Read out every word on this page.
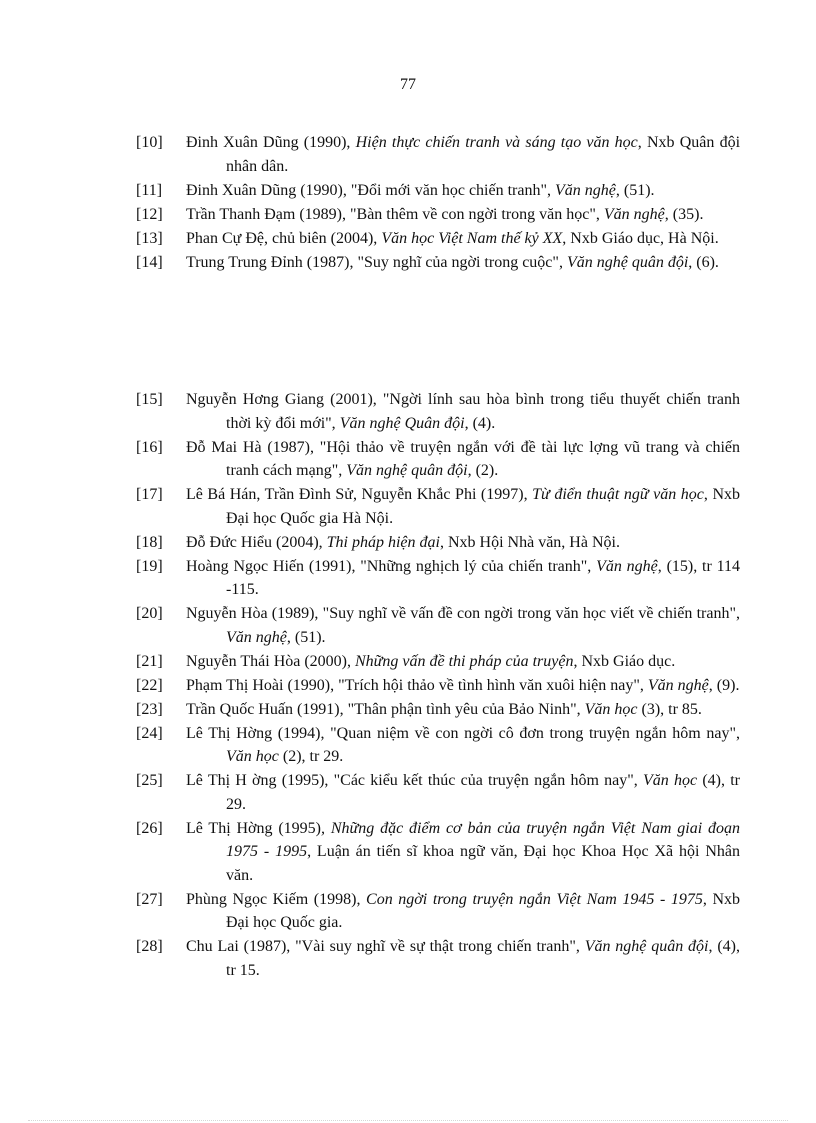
77
[10]	Đinh Xuân Dũng (1990), Hiện thực chiến tranh và sáng tạo văn học, Nxb Quân đội nhân dân.
[11]	Đinh Xuân Dũng (1990), "Đổi mới văn học chiến tranh", Văn nghệ, (51).
[12]	Trần Thanh Đạm (1989), "Bàn thêm về con ngời trong văn học", Văn nghệ, (35).
[13]	Phan Cự Đệ, chủ biên (2004), Văn học Việt Nam thế kỷ XX, Nxb Giáo dục, Hà Nội.
[14]	Trung Trung Đỉnh (1987), "Suy nghĩ của ngời trong cuộc", Văn nghệ quân đội, (6).
[15]	Nguyễn Hơng Giang (2001), "Ngời lính sau hòa bình trong tiểu thuyết chiến tranh thời kỳ đổi mới", Văn nghệ Quân đội, (4).
[16]	Đỗ Mai Hà (1987), "Hội thảo về truyện ngắn với đề tài lực lợng vũ trang và chiến tranh cách mạng", Văn nghệ quân đội, (2).
[17]	Lê Bá Hán, Trần Đình Sử, Nguyễn Khắc Phi (1997), Từ điển thuật ngữ văn học, Nxb Đại học Quốc gia Hà Nội.
[18]	Đỗ Đức Hiểu (2004), Thi pháp hiện đại, Nxb Hội Nhà văn, Hà Nội.
[19]	Hoàng Ngọc Hiến (1991), "Những nghịch lý của chiến tranh", Văn nghệ, (15), tr 114 -115.
[20]	Nguyễn Hòa (1989), "Suy nghĩ về vấn đề con ngời trong văn học viết về chiến tranh", Văn nghệ, (51).
[21]	Nguyễn Thái Hòa (2000), Những vấn đề thi pháp của truyện, Nxb Giáo dục.
[22]	Phạm Thị Hoài (1990), "Trích hội thảo về tình hình văn xuôi hiện nay", Văn nghệ, (9).
[23]	Trần Quốc Huấn (1991), "Thân phận tình yêu của Bảo Ninh", Văn học (3), tr 85.
[24]	Lê Thị Hờng (1994), "Quan niệm về con ngời cô đơn trong truyện ngắn hôm nay", Văn học (2), tr 29.
[25]	Lê Thị H ờng (1995), "Các kiểu kết thúc của truyện ngắn hôm nay", Văn học (4), tr 29.
[26]	Lê Thị Hờng (1995), Những đặc điểm cơ bản của truyện ngắn Việt Nam giai đoạn 1975 - 1995, Luận án tiến sĩ khoa ngữ văn, Đại học Khoa Học Xã hội Nhân văn.
[27]	Phùng Ngọc Kiếm (1998), Con ngời trong truyện ngắn Việt Nam 1945 - 1975, Nxb Đại học Quốc gia.
[28]	Chu Lai (1987), "Vài suy nghĩ về sự thật trong chiến tranh", Văn nghệ quân đội, (4), tr 15.
